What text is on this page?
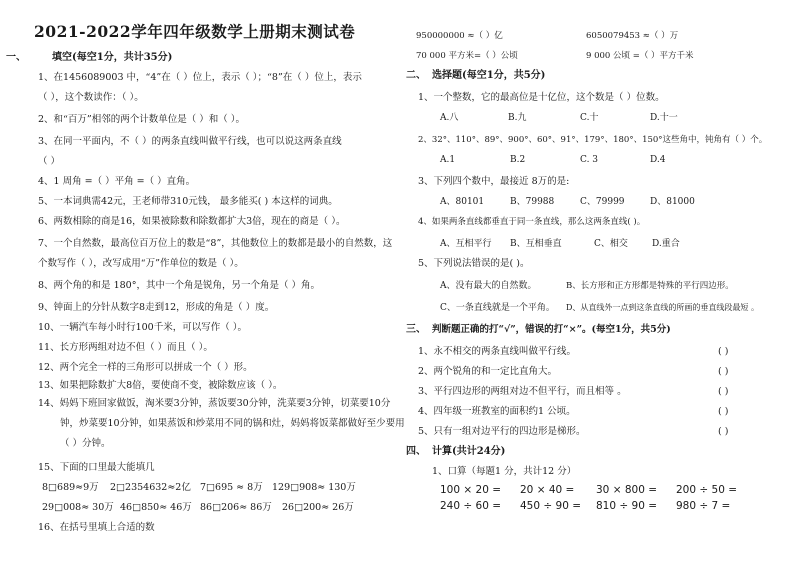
2021-2022学年四年级数学上册期末测试卷
一、	填空(每空1分，共计35分)
1、在1456089003 中，“4”在（ ）位上，表示（ ）；“8”在（ ）位上，表示
（ ），这个数读作：（ ）。
2、和“百万”相邻的两个计数单位是（ ）和（ ）。
3、在同一平面内，不（ ）的两条直线叫做平行线，也可以说这两条直线
（ ）
4、1 周角 =（ ）平角 =（ ）直角。
5、一本词典需42元，王老师带310元钱， 最多能买( ) 本这样的词典。
6、两数相除的商是16，如果被除数和除数都扩大3倍，现在的商是（ ）。
7、一个自然数，最高位百万位上的数是“8”，其他数位上的数都是最小的自然数，这
个数写作（ ），改写成用“万”作单位的数是（ ）。
8、两个角的和是 180°，其中一个角是锐角，另一个角是（ ）角。
9、钟面上的分针从数字8走到12，形成的角是（ ）度。
10、一辆汽车每小时行100千米，可以写作（ ）。
11、长方形两组对边不但（ ）而且（ ）。
12、两个完全一样的三角形可以拼成一个（ ）形。
13、如果把除数扩大8倍，要使商不变，被除数应该（ ）。
14、妈妈下班回家做饭，淘米要3分钟，蒸饭要30分钟，洗菜要3分钟，切菜要10分
钟，炒菜要10分钟，如果蒸饭和炒菜用不同的锅和灶，妈妈将饭菜都做好至少要用
（ ）分钟。
15、下面的口里最大能填几
8□689≈9万 2□2354632≈2亿 7□695 ≈ 8万 129□908≈ 130万
29□008≈ 30万 46□850≈ 46万 86□206≈ 86万 26□200≈ 26万
16、在括号里填上合适的数
950000000 ≈（ ）亿	6050079453 ≈（ ）万
70 000 平方米=（ ）公顷	9 000 公顷 =（ ）平方千米
二、 选择题(每空1分，共5分)
1、一个整数，它的最高位是十亿位，这个数是（ ）位数。
A.八	B.九	C.十	D.十一
2、32°、110°、89°、900°、60°、91°、179°、180°、150°这些角中，钝角有（ ）个。
A.1	B.2	C. 3	D.4
3、下列四个数中，最接近 8万的是:
A、80101	B、79988	C、79999	D、81000
4、如果两条直线都垂直于同一条直线，那么这两条直线( )。
A、互相平行 B、互相垂直	C、相交	D.重合
5、下列说法错误的是( )。
A、没有最大的自然数。	B、长方形和正方形都是特殊的平行四边形。
C、一条直线就是一个平角。 D、从直线外一点到这条直线的所画的垂直线段最短 。
三、 判断题正确的打“√”，错误的打“×”。(每空1分，共5分)
1、永不相交的两条直线叫做平行线。	( )
2、两个锐角的和一定比直角大。	( )
3、平行四边形的两组对边不但平行，而且相等 。	( )
4、四年级一班教室的面积约1 公顷。	( )
5、只有一组对边平行的四边形是梯形。	( )
四、 计算(共计24分)
1、口算（每题1 分，共计12 分）
100 × 20 = 20 × 40 = 30 × 800 = 200 ÷ 50 =
240 ÷ 60 = 450 ÷ 90 = 810 ÷ 90 = 980 ÷ 7 =
